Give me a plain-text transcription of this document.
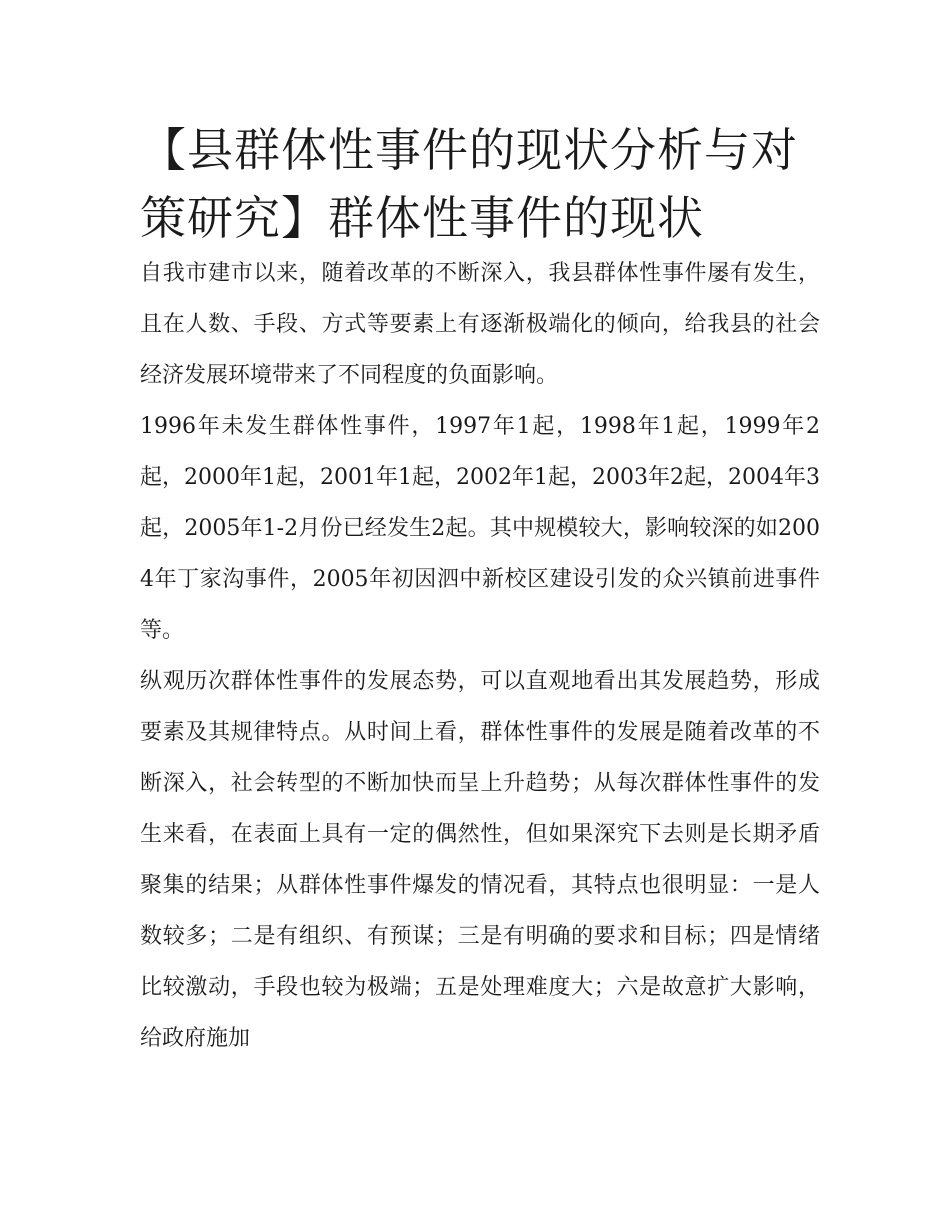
【县群体性事件的现状分析与对策研究】群体性事件的现状

自我市建市以来，随着改革的不断深入，我县群体性事件屡有发生，且在人数、手段、方式等要素上有逐渐极端化的倾向，给我县的社会经济发展环境带来了不同程度的负面影响。

1996年未发生群体性事件，1997年1起，1998年1起，1999年2起，2000年1起，2001年1起，2002年1起，2003年2起，2004年3起，2005年1-2月份已经发生2起。其中规模较大，影响较深的如2004年丁家沟事件，2005年初因泗中新校区建设引发的众兴镇前进事件等。

纵观历次群体性事件的发展态势，可以直观地看出其发展趋势，形成要素及其规律特点。从时间上看，群体性事件的发展是随着改革的不断深入，社会转型的不断加快而呈上升趋势；从每次群体性事件的发生来看，在表面上具有一定的偶然性，但如果深究下去则是长期矛盾聚集的结果；从群体性事件爆发的情况看，其特点也很明显：一是人数较多；二是有组织、有预谋；三是有明确的要求和目标；四是情绪比较激动，手段也较为极端；五是处理难度大；六是故意扩大影响，给政府施加
